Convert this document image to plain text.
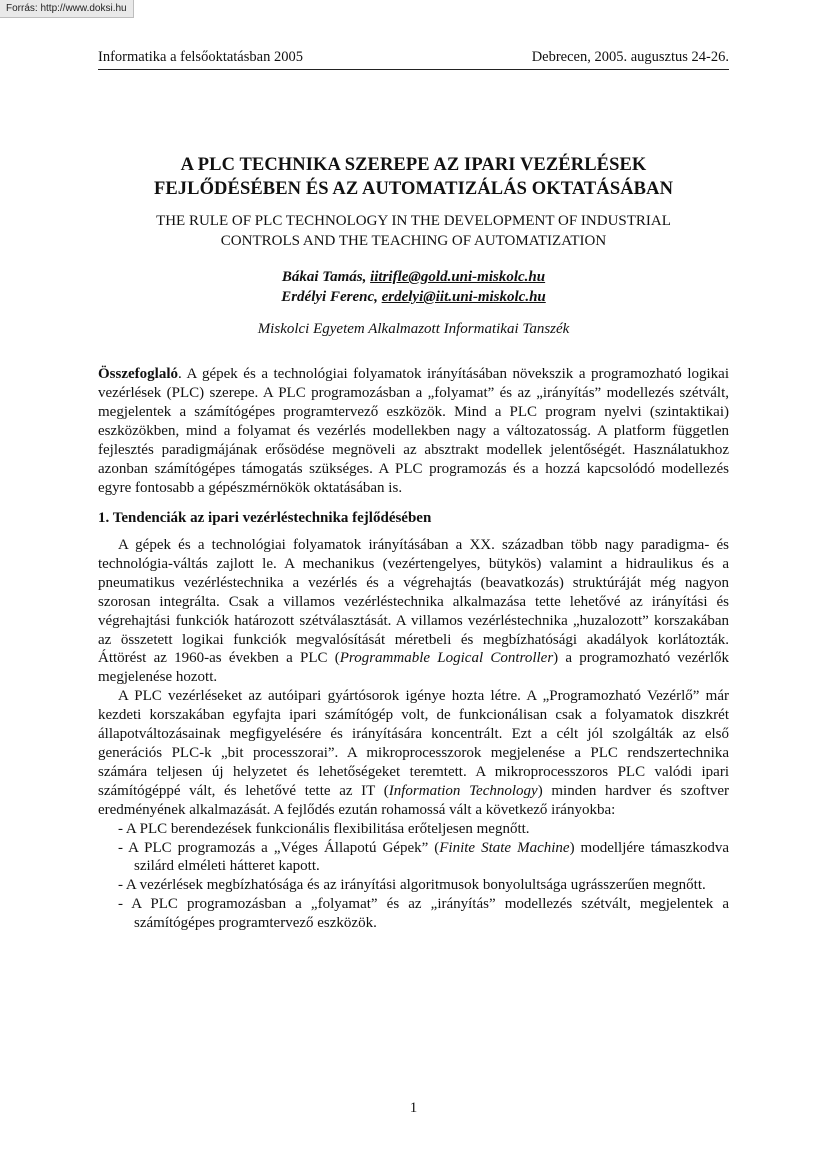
Forrás: http://www.doksi.hu
Informatika a felsőoktatásban 2005	Debrecen, 2005. augusztus 24-26.
A PLC TECHNIKA SZEREPE AZ IPARI VEZÉRLÉSEK
FEJLŐDÉSÉBEN ÉS AZ AUTOMATIZÁLÁS OKTATÁSÁBAN
THE RULE OF PLC TECHNOLOGY IN THE DEVELOPMENT OF INDUSTRIAL
CONTROLS AND THE TEACHING OF AUTOMATIZATION
Bákai Tamás, iitrifle@gold.uni-miskolc.hu
Erdélyi Ferenc, erdelyi@iit.uni-miskolc.hu
Miskolci Egyetem Alkalmazott Informatikai Tanszék
Összefoglaló. A gépek és a technológiai folyamatok irányításában növekszik a programozható logikai vezérlések (PLC) szerepe. A PLC programozásban a „folyamat” és az „irányítás” modellezés szétvált, megjelentek a számítógépes programtervező eszközök. Mind a PLC program nyelvi (szintaktikai) eszközökben, mind a folyamat és vezérlés modellekben nagy a változatosság. A platform független fejlesztés paradigmájának erősödése megnövelі az absztrakt modellek jelentőségét. Használatukhoz azonban számítógépes támogatás szükséges. A PLC programozás és a hozzá kapcsolódó modellezés egyre fontosabb a gépészmérnökök oktatásában is.
1. Tendenciák az ipari vezérléstechnika fejlődésében
A gépek és a technológiai folyamatok irányításában a XX. században több nagy paradigma- és technológia-váltás zajlott le. A mechanikus (vezértengelyes, bütykös) valamint a hidraulikus és a pneumatikus vezérléstechnika a vezérlés és a végrehajtás (beavatkozás) struktúráját még nagyon szorosan integrálta. Csak a villamos vezérléstechnika alkalmazása tette lehetővé az irányítási és végrehajtási funkciók határozott szétválasztását. A villamos vezérléstechnika „huzalozott” korszakában az összetett logikai funkciók megvalósítását méretbeli és megbízhatósági akadályok korlátozták. Áttörést az 1960-as években a PLC (Programmable Logical Controller) a programozható vezérlők megjelenése hozott.
A PLC vezérléseket az autóipari gyártósorok igénye hozta létre. A „Programozható Vezérlő” már kezdeti korszakában egyfajta ipari számítógép volt, de funkcionálisan csak a folyamatok diszkrét állapotváltozásainak megfigyelésére és irányítására koncentrált. Ezt a célt jól szolgálták az első generációs PLC-k „bit processzorai”. A mikroprocesszorok megjelenése a PLC rendszertechnika számára teljesen új helyzetet és lehetőségeket teremtett. A mikroprocesszoros PLC valódi ipari számítógéppé vált, és lehetővé tette az IT (Information Technology) minden hardver és szoftver eredményének alkalmazását. A fejlődés ezután rohamossá vált a következő irányokba:
- A PLC berendezések funkcionális flexibilitása erőteljesen megnőtt.
- A PLC programozás a „Véges Állapotú Gépek” (Finite State Machine) modelljére támaszkodva szilárd elméleti hátteret kapott.
- A vezérlések megbízhatósága és az irányítási algoritmusok bonyolultsága ugrásszerűen megnőtt.
- A PLC programozásban a „folyamat” és az „irányítás” modellezés szétvált, megjelentek a számítógépes programtervező eszközök.
1
